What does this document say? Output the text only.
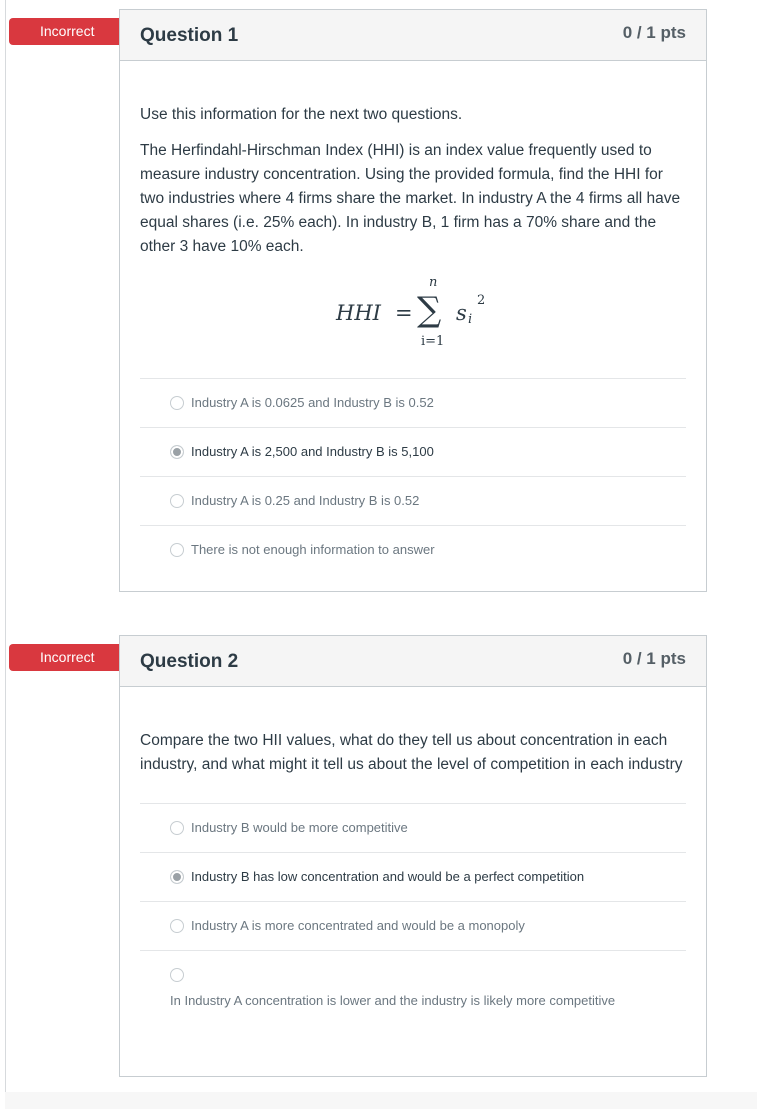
Incorrect Question 1	0 / 1 pts

Use this information for the next two questions.

The Herfindahl-Hirschman Index (HHI) is an index value frequently used to measure industry concentration. Using the provided formula, find the HHI for two industries where 4 firms share the market. In industry A the 4 firms all have equal shares (i.e. 25% each). In industry B, 1 firm has a 70% share and the other 3 have 10% each.

HHI =
n
∑
i=1
s i
2
Industry A is 0.0625 and Industry B is 0.52
Industry A is 2,500 and Industry B is 5,100
Industry A is 0.25 and Industry B is 0.52
There is not enough information to answer
Incorrect Question 2	0 / 1 pts

Compare the two HII values, what do they tell us about concentration in each industry, and what might it tell us about the level of competition in each industry

Industry B would be more competitive
Industry B has low concentration and would be a perfect competition
Industry A is more concentrated and would be a monopoly
In Industry A concentration is lower and the industry is likely more competitive
